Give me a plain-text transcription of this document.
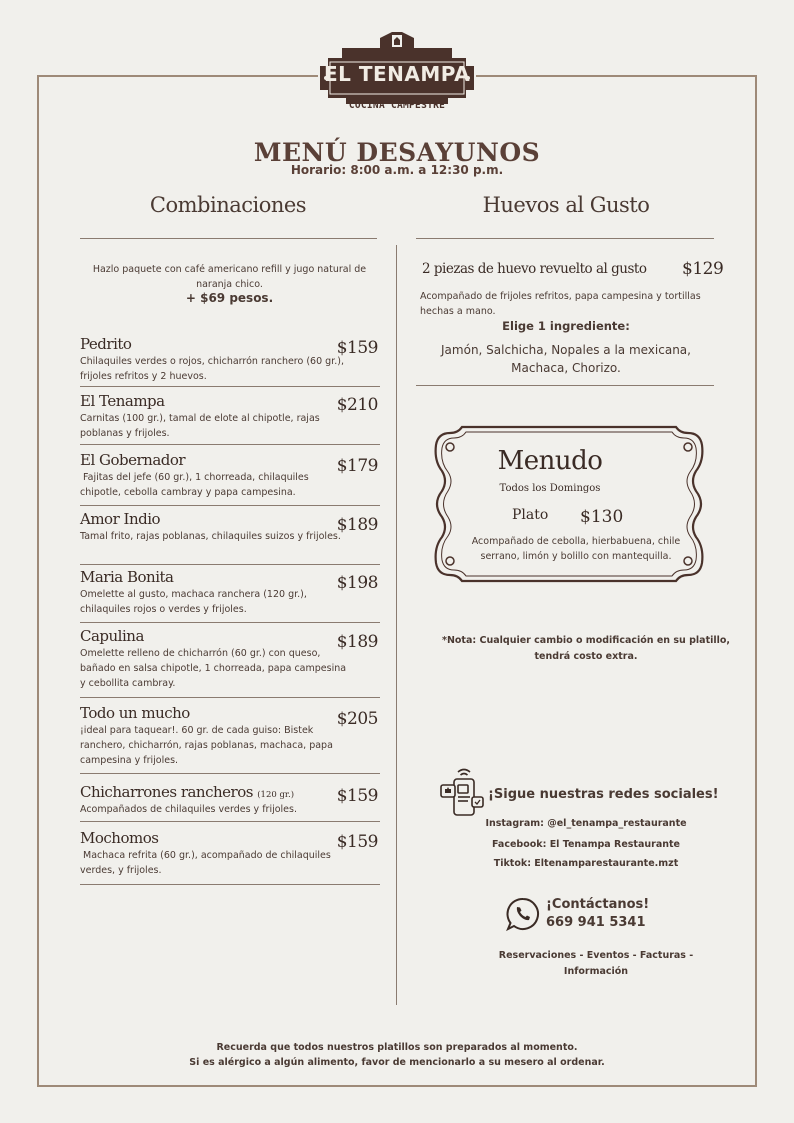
EL TENAMPA
COCINA CAMPESTRE
MENÚ DESAYUNOS
Horario: 8:00 a.m. a 12:30 p.m.
Combinaciones	Huevos al Gusto
Hazlo paquete con café americano refill y jugo natural de naranja chico.
+ $69 pesos.
Pedrito
Chilaquiles verdes o rojos, chicharrón ranchero (60 gr.), frijoles refritos y 2 huevos.
$159
El Tenampa
Carnitas (100 gr.), tamal de elote al chipotle, rajas poblanas y frijoles.
$210
El Gobernador
Fajitas del jefe (60 gr.), 1 chorreada, chilaquiles chipotle, cebolla cambray y papa campesina.
$179
Amor Indio
Tamal frito, rajas poblanas, chilaquiles suizos y frijoles.
$189
Maria Bonita
Omelette al gusto, machaca ranchera (120 gr.), chilaquiles rojos o verdes y frijoles.
$198
Capulina
Omelette relleno de chicharrón (60 gr.) con queso, bañado en salsa chipotle, 1 chorreada, papa campesina y cebollita cambray.
$189
Todo un mucho
¡ideal para taquear!. 60 gr. de cada guiso: Bistek ranchero, chicharrón, rajas poblanas, machaca, papa campesina y frijoles.
$205
Chicharrones rancheros (120 gr.)
Acompañados de chilaquiles verdes y frijoles.
$159
Mochomos
Machaca refrita (60 gr.), acompañado de chilaquiles verdes, y frijoles.
$159
2 piezas de huevo revuelto al gusto $129
Acompañado de frijoles refritos, papa campesina y tortillas hechas a mano.
Elige 1 ingrediente:
Jamón, Salchicha, Nopales a la mexicana, Machaca, Chorizo.
Menudo
Todos los Domingos
Plato $130
Acompañado de cebolla, hierbabuena, chile serrano, limón y bolillo con mantequilla.
*Nota: Cualquier cambio o modificación en su platillo, tendrá costo extra.
¡Sigue nuestras redes sociales!
Instagram: @el_tenampa_restaurante
Facebook: El Tenampa Restaurante
Tiktok: Eltenamparestaurante.mzt
¡Contáctanos!
669 941 5341
Reservaciones - Eventos - Facturas - Información
Recuerda que todos nuestros platillos son preparados al momento.
Si es alérgico a algún alimento, favor de mencionarlo a su mesero al ordenar.
